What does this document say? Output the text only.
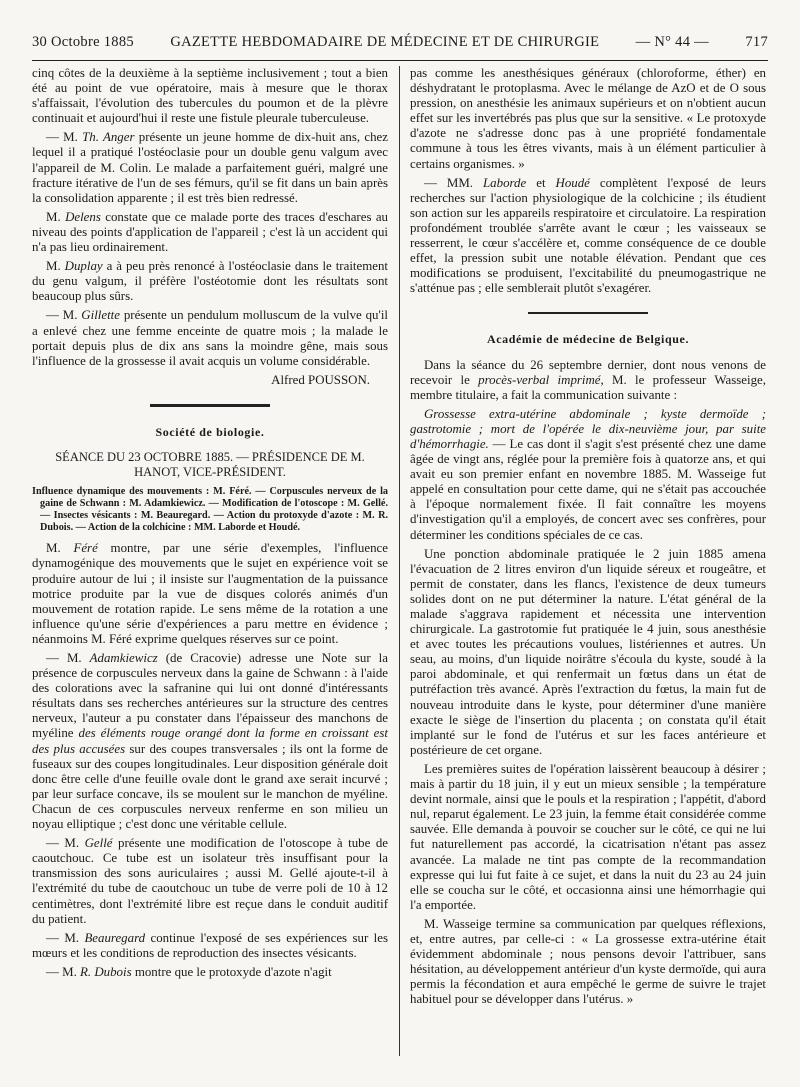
30 Octobre 1885	GAZETTE HEBDOMADAIRE DE MÉDECINE ET DE CHIRURGIE	— N° 44 —	717

cinq côtes de la deuxième à la septième inclusivement ; tout a bien été au point de vue opératoire, mais à mesure que le thorax s'affaissait, l'évolution des tubercules du poumon et de la plèvre continuait et aujourd'hui il reste une fistule pleurale tuberculeuse.

— M. Th. Anger présente un jeune homme de dix-huit ans, chez lequel il a pratiqué l'ostéoclasie pour un double genu valgum avec l'appareil de M. Colin. Le malade a parfaitement guéri, malgré une fracture itérative de l'un de ses fémurs, qu'il se fit dans un bain après la consolidation apparente ; il est très bien redressé.

M. Delens constate que ce malade porte des traces d'eschares au niveau des points d'application de l'appareil ; c'est là un accident qui n'a pas lieu ordinairement.

M. Duplay a à peu près renoncé à l'ostéoclasie dans le traitement du genu valgum, il préfère l'ostéotomie dont les résultats sont beaucoup plus sûrs.

— M. Gillette présente un pendulum molluscum de la vulve qu'il a enlevé chez une femme enceinte de quatre mois ; la malade le portait depuis plus de dix ans sans la moindre gêne, mais sous l'influence de la grossesse il avait acquis un volume considérable.

Alfred POUSSON.
Société de biologie.
SÉANCE DU 23 OCTOBRE 1885. — PRÉSIDENCE DE M. HANOT, VICE-PRÉSIDENT.

Influence dynamique des mouvements : M. Féré. — Corpuscules nerveux de la gaine de Schwann : M. Adamkiewicz. — Modification de l'otoscope : M. Gellé. — Insectes vésicants : M. Beauregard. — Action du protoxyde d'azote : M. R. Dubois. — Action de la colchicine : MM. Laborde et Houdé.

M. Féré montre, par une série d'exemples, l'influence dynamogénique des mouvements que le sujet en expérience voit se produire autour de lui ; il insiste sur l'augmentation de la puissance motrice produite par la vue de disques colorés animés d'un mouvement de rotation rapide. Le sens même de la rotation a une influence qu'une série d'expériences a paru mettre en évidence ; néanmoins M. Féré exprime quelques réserves sur ce point.

— M. Adamkiewicz (de Cracovie) adresse une Note sur la présence de corpuscules nerveux dans la gaine de Schwann : à l'aide des colorations avec la safranine qui lui ont donné d'intéressants résultats dans ses recherches antérieures sur la structure des centres nerveux, l'auteur a pu constater dans l'épaisseur des manchons de myéline des éléments rouge orangé dont la forme en croissant est des plus accusées sur des coupes transversales ; ils ont la forme de fuseaux sur des coupes longitudinales. Leur disposition générale doit donc être celle d'une feuille ovale dont le grand axe serait incurvé ; par leur surface concave, ils se moulent sur le manchon de myéline. Chacun de ces corpuscules nerveux renferme en son milieu un noyau elliptique ; c'est donc une véritable cellule.

— M. Gellé présente une modification de l'otoscope à tube de caoutchouc. Ce tube est un isolateur très insuffisant pour la transmission des sons auriculaires ; aussi M. Gellé ajoute-t-il à l'extrémité du tube de caoutchouc un tube de verre poli de 10 à 12 centimètres, dont l'extrémité libre est reçue dans le conduit auditif du patient.

— M. Beauregard continue l'exposé de ses expériences sur les mœurs et les conditions de reproduction des insectes vésicants.

— M. R. Dubois montre que le protoxyde d'azote n'agit

pas comme les anesthésiques généraux (chloroforme, éther) en déshydratant le protoplasma. Avec le mélange de AzO et de O sous pression, on anesthésie les animaux supérieurs et on n'obtient aucun effet sur les invertébrés pas plus que sur la sensitive. « Le protoxyde d'azote ne s'adresse donc pas à une propriété fondamentale commune à tous les êtres vivants, mais à un élément particulier à certains organismes. »

— MM. Laborde et Houdé complètent l'exposé de leurs recherches sur l'action physiologique de la colchicine ; ils étudient son action sur les appareils respiratoire et circulatoire. La respiration profondément troublée s'arrête avant le cœur ; les vaisseaux se resserrent, le cœur s'accélère et, comme conséquence de ce double effet, la pression subit une notable élévation. Pendant que ces modifications se produisent, l'excitabilité du pneumogastrique ne s'atténue pas ; elle semblerait plutôt s'exagérer.

Académie de médecine de Belgique.

Dans la séance du 26 septembre dernier, dont nous venons de recevoir le procès-verbal imprimé, M. le professeur Wasseige, membre titulaire, a fait la communication suivante :

Grossesse extra-utérine abdominale ; kyste dermoïde ; gastrotomie ; mort de l'opérée le dix-neuvième jour, par suite d'hémorrhagie. — Le cas dont il s'agit s'est présenté chez une dame âgée de vingt ans, réglée pour la première fois à quatorze ans, et qui avait eu son premier enfant en novembre 1885. M. Wasseige fut appelé en consultation pour cette dame, qui ne s'était pas accouchée à l'époque normalement fixée. Il fait connaître les moyens d'investigation qu'il a employés, de concert avec ses confrères, pour déterminer les conditions spéciales de ce cas.

Une ponction abdominale pratiquée le 2 juin 1885 amena l'évacuation de 2 litres environ d'un liquide séreux et rougeâtre, et permit de constater, dans les flancs, l'existence de deux tumeurs solides dont on ne put déterminer la nature. L'état général de la malade s'aggrava rapidement et nécessita une intervention chirurgicale. La gastrotomie fut pratiquée le 4 juin, sous anesthésie et avec toutes les précautions voulues, listériennes et autres. Un seau, au moins, d'un liquide noirâtre s'écoula du kyste, soudé à la paroi abdominale, et qui renfermait un fœtus dans un état de putréfaction très avancé. Après l'extraction du fœtus, la main fut de nouveau introduite dans le kyste, pour déterminer d'une manière exacte le siège de l'insertion du placenta ; on constata qu'il était implanté sur le fond de l'utérus et sur les faces antérieure et postérieure de cet organe.

Les premières suites de l'opération laissèrent beaucoup à désirer ; mais à partir du 18 juin, il y eut un mieux sensible ; la température devint normale, ainsi que le pouls et la respiration ; l'appétit, d'abord nul, reparut également. Le 23 juin, la femme était considérée comme sauvée. Elle demanda à pouvoir se coucher sur le côté, ce qui ne lui fut naturellement pas accordé, la cicatrisation n'étant pas assez avancée. La malade ne tint pas compte de la recommandation expresse qui lui fut faite à ce sujet, et dans la nuit du 23 au 24 juin elle se coucha sur le côté, et occasionna ainsi une hémorrhagie qui l'a emportée.

M. Wasseige termine sa communication par quelques réflexions, et, entre autres, par celle-ci : « La grossesse extra-utérine était évidemment abdominale ; nous pensons devoir l'attribuer, sans hésitation, au développement antérieur d'un kyste dermoïde, qui aura permis la fécondation et aura empêché le germe de suivre le trajet habituel pour se développer dans l'utérus. »
